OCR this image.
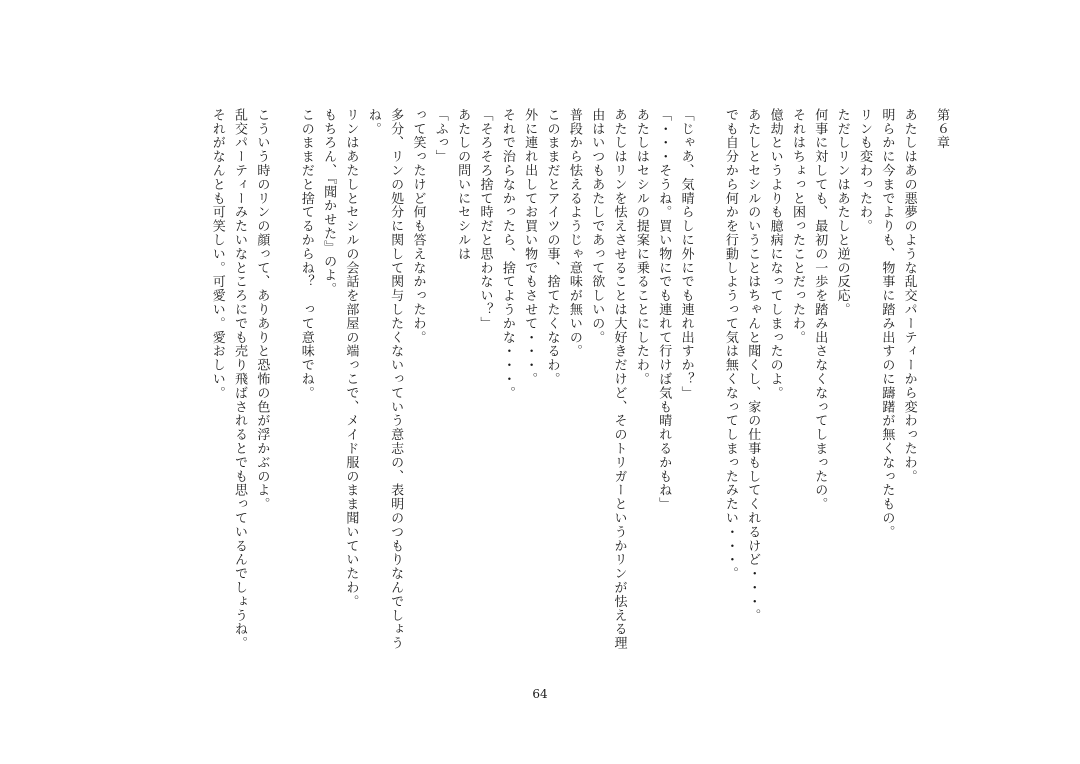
第６章
あたしはあの悪夢のような乱交パーティーから変わったわ。
明らかに今までよりも、物事に踏み出すのに躊躇が無くなったもの。
リンも変わったわ。
ただしリンはあたしと逆の反応。
何事に対しても、最初の一歩を踏み出さなくなってしまったの。
それはちょっと困ったことだったわ。
億劫というよりも臆病になってしまったのよ。
あたしとセシルのいうことはちゃんと聞くし、家の仕事もしてくれるけど・・・。
でも自分から何かを行動しようって気は無くなってしまったみたい・・・。
「じゃあ、気晴らしに外にでも連れ出すか？」
「・・・そうね。買い物にでも連れて行けば気も晴れるかもね」
あたしはセシルの提案に乗ることにしたわ。
あたしはリンを怯えさせることは大好きだけど、そのトリガーというかリンが怯える理
由はいつもあたしであって欲しいの。
普段から怯えるようじゃ意味が無いの。
このままだとアイツの事、捨てたくなるわ。
外に連れ出してお買い物でもさせて・・・。
それで治らなかったら、捨てようかな・・・。
「そろそろ捨て時だと思わない？」
あたしの問いにセシルは
「ふっ」
って笑ったけど何も答えなかったわ。
多分、リンの処分に関して関与したくないっていう意志の、表明のつもりなんでしょう
ね。
リンはあたしとセシルの会話を部屋の端っこで、メイド服のまま聞いていたわ。
もちろん、『聞かせた』のよ。
このままだと捨てるからね？　って意味でね。
こういう時のリンの顔って、ありありと恐怖の色が浮かぶのよ。
乱交パーティーみたいなところにでも売り飛ばされるとでも思っているんでしょうね。
それがなんとも可笑しい。可愛い。愛おしい。
64
